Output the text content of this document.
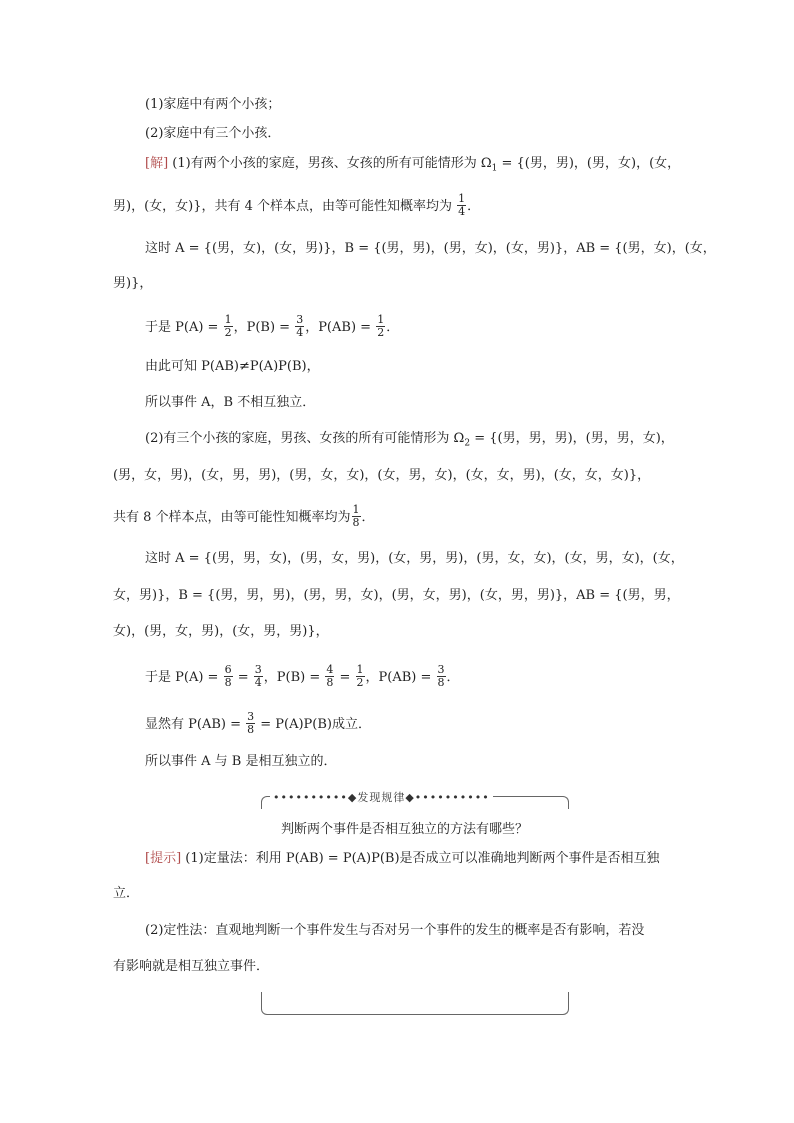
(1)家庭中有两个小孩；
(2)家庭中有三个小孩．
[解] (1)有两个小孩的家庭，男孩、女孩的所有可能情形为 $\Omega_1$ = {(男，男)，(男，女)，(女，
男)，(女，女)}，共有 4 个样本点，由等可能性知概率均为 $\frac{1}{4}$ ．
这时 A = {(男，女)，(女，男)}，B = {(男，男)，(男，女)，(女，男)}，AB = {(男，女)，(女，
男)}，
于是 $P(A) = \frac{1}{2}$ ，$P(B) = \frac{3}{4}$ ，$P(AB) = \frac{1}{2}$ ．
由此可知 P(AB)≠P(A)P(B)，
所以事件 A，B 不相互独立．
(2)有三个小孩的家庭，男孩、女孩的所有可能情形为 $\Omega_2$ = {(男，男，男)，(男，男，女)，
(男，女，男)，(女，男，男)，(男，女，女)，(女，男，女)，(女，女，男)，(女，女，女)}，
共有 8 个样本点，由等可能性知概率均为 $\frac{1}{8}$ ．
这时 A = {(男，男，女)，(男，女，男)，(女，男，男)，(男，女，女)，(女，男，女)，(女，
女，男)}，B = {(男，男，男)，(男，男，女)，(男，女，男)，(女，男，男)}，AB = {(男，男，
女)，(男，女，男)，(女，男，男)}，
于是 $P(A) = \frac{6}{8} = \frac{3}{4}$ ，$P(B) = \frac{4}{8} = \frac{1}{2}$ ，$P(AB) = \frac{3}{8}$ ．
显然有 $P(AB) = \frac{3}{8} = P(A)P(B)$成立．
所以事件 A 与 B 是相互独立的．
••••••••••◆发现规律◆••••••••••
判断两个事件是否相互独立的方法有哪些？
[提示] (1)定量法：利用 P(AB) = P(A)P(B)是否成立可以准确地判断两个事件是否相互独
立．
(2)定性法：直观地判断一个事件发生与否对另一个事件的发生的概率是否有影响，若没
有影响就是相互独立事件．
